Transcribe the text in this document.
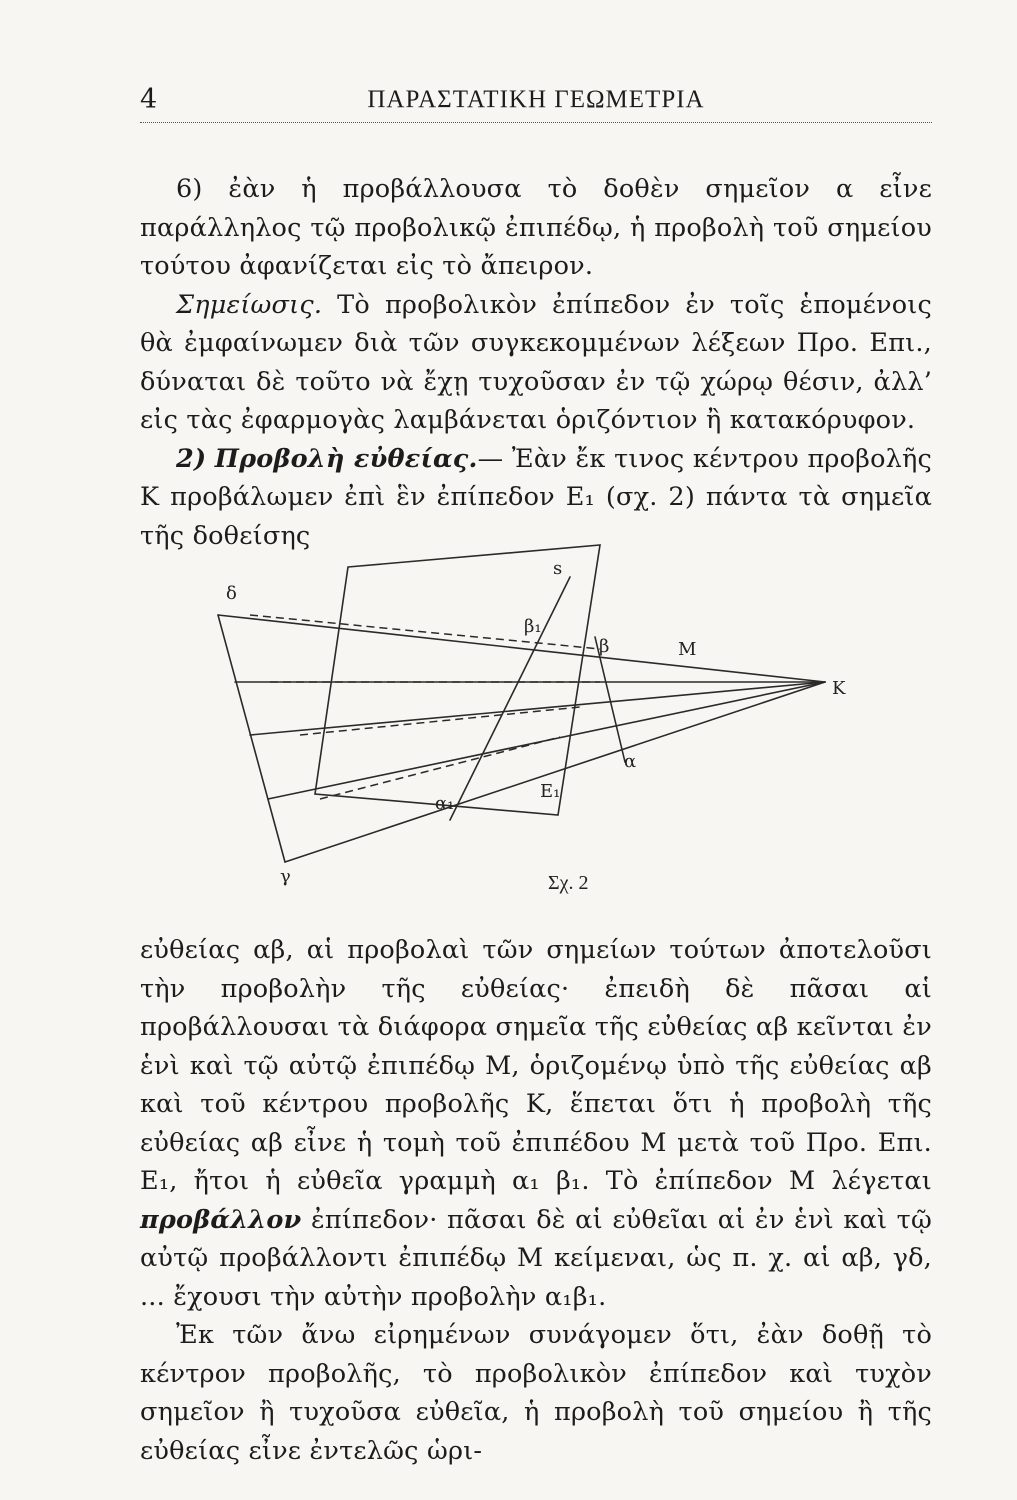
4	ΠΑΡΑΣΤΑΤΙΚΗ ΓΕΩΜΕΤΡΙΑ

6) ἐὰν ἡ προβάλλουσα τὸ δοθὲν σημεῖον α εἶνε παράλληλος τῷ προβολικῷ ἐπιπέδῳ, ἡ προβολὴ τοῦ σημείου τούτου ἀφανίζεται εἰς τὸ ἄπειρον.

Σημείωσις. Τὸ προβολικὸν ἐπίπεδον ἐν τοῖς ἑπομένοις θὰ ἐμφαίνωμεν διὰ τῶν συγκεκομμένων λέξεων Προ. Επι., δύναται δὲ τοῦτο νὰ ἔχῃ τυχοῦσαν ἐν τῷ χώρῳ θέσιν, ἀλλ’ εἰς τὰς ἐφαρμογὰς λαμβάνεται ὁριζόντιον ἢ κατακόρυφον.

2) Προβολὴ εὐθείας.— Ἐὰν ἔκ τινος κέντρου προβολῆς K προβάλωμεν ἐπὶ ἓν ἐπίπεδον E₁ (σχ. 2) πάντα τὰ σημεῖα τῆς δοθείσης

δ
s
β₁
β	M
K
α
α₁
E₁
γ	Σχ. 2

εὐθείας αβ, αἱ προβολαὶ τῶν σημείων τούτων ἀποτελοῦσι τὴν προβολὴν τῆς εὐθείας· ἐπειδὴ δὲ πᾶσαι αἱ προβάλλουσαι τὰ διάφορα σημεῖα τῆς εὐθείας αβ κεῖνται ἐν ἑνὶ καὶ τῷ αὐτῷ ἐπιπέδῳ M, ὁριζομένῳ ὑπὸ τῆς εὐθείας αβ καὶ τοῦ κέντρου προβολῆς K, ἕπεται ὅτι ἡ προβολὴ τῆς εὐθείας αβ εἶνε ἡ τομὴ τοῦ ἐπιπέδου M μετὰ τοῦ Προ. Επι. E₁, ἤτοι ἡ εὐθεῖα γραμμὴ α₁ β₁. Τὸ ἐπίπεδον M λέγεται προβάλλον ἐπίπεδον· πᾶσαι δὲ αἱ εὐθεῖαι αἱ ἐν ἑνὶ καὶ τῷ αὐτῷ προβάλλοντι ἐπιπέδῳ M κείμεναι, ὡς π. χ. αἱ αβ, γδ, ... ἔχουσι τὴν αὐτὴν προβολὴν α₁β₁.

Ἐκ τῶν ἄνω εἰρημένων συνάγομεν ὅτι, ἐὰν δοθῇ τὸ κέντρον προβολῆς, τὸ προβολικὸν ἐπίπεδον καὶ τυχὸν σημεῖον ἢ τυχοῦσα εὐθεῖα, ἡ προβολὴ τοῦ σημείου ἢ τῆς εὐθείας εἶνε ἐντελῶς ὡρι-
